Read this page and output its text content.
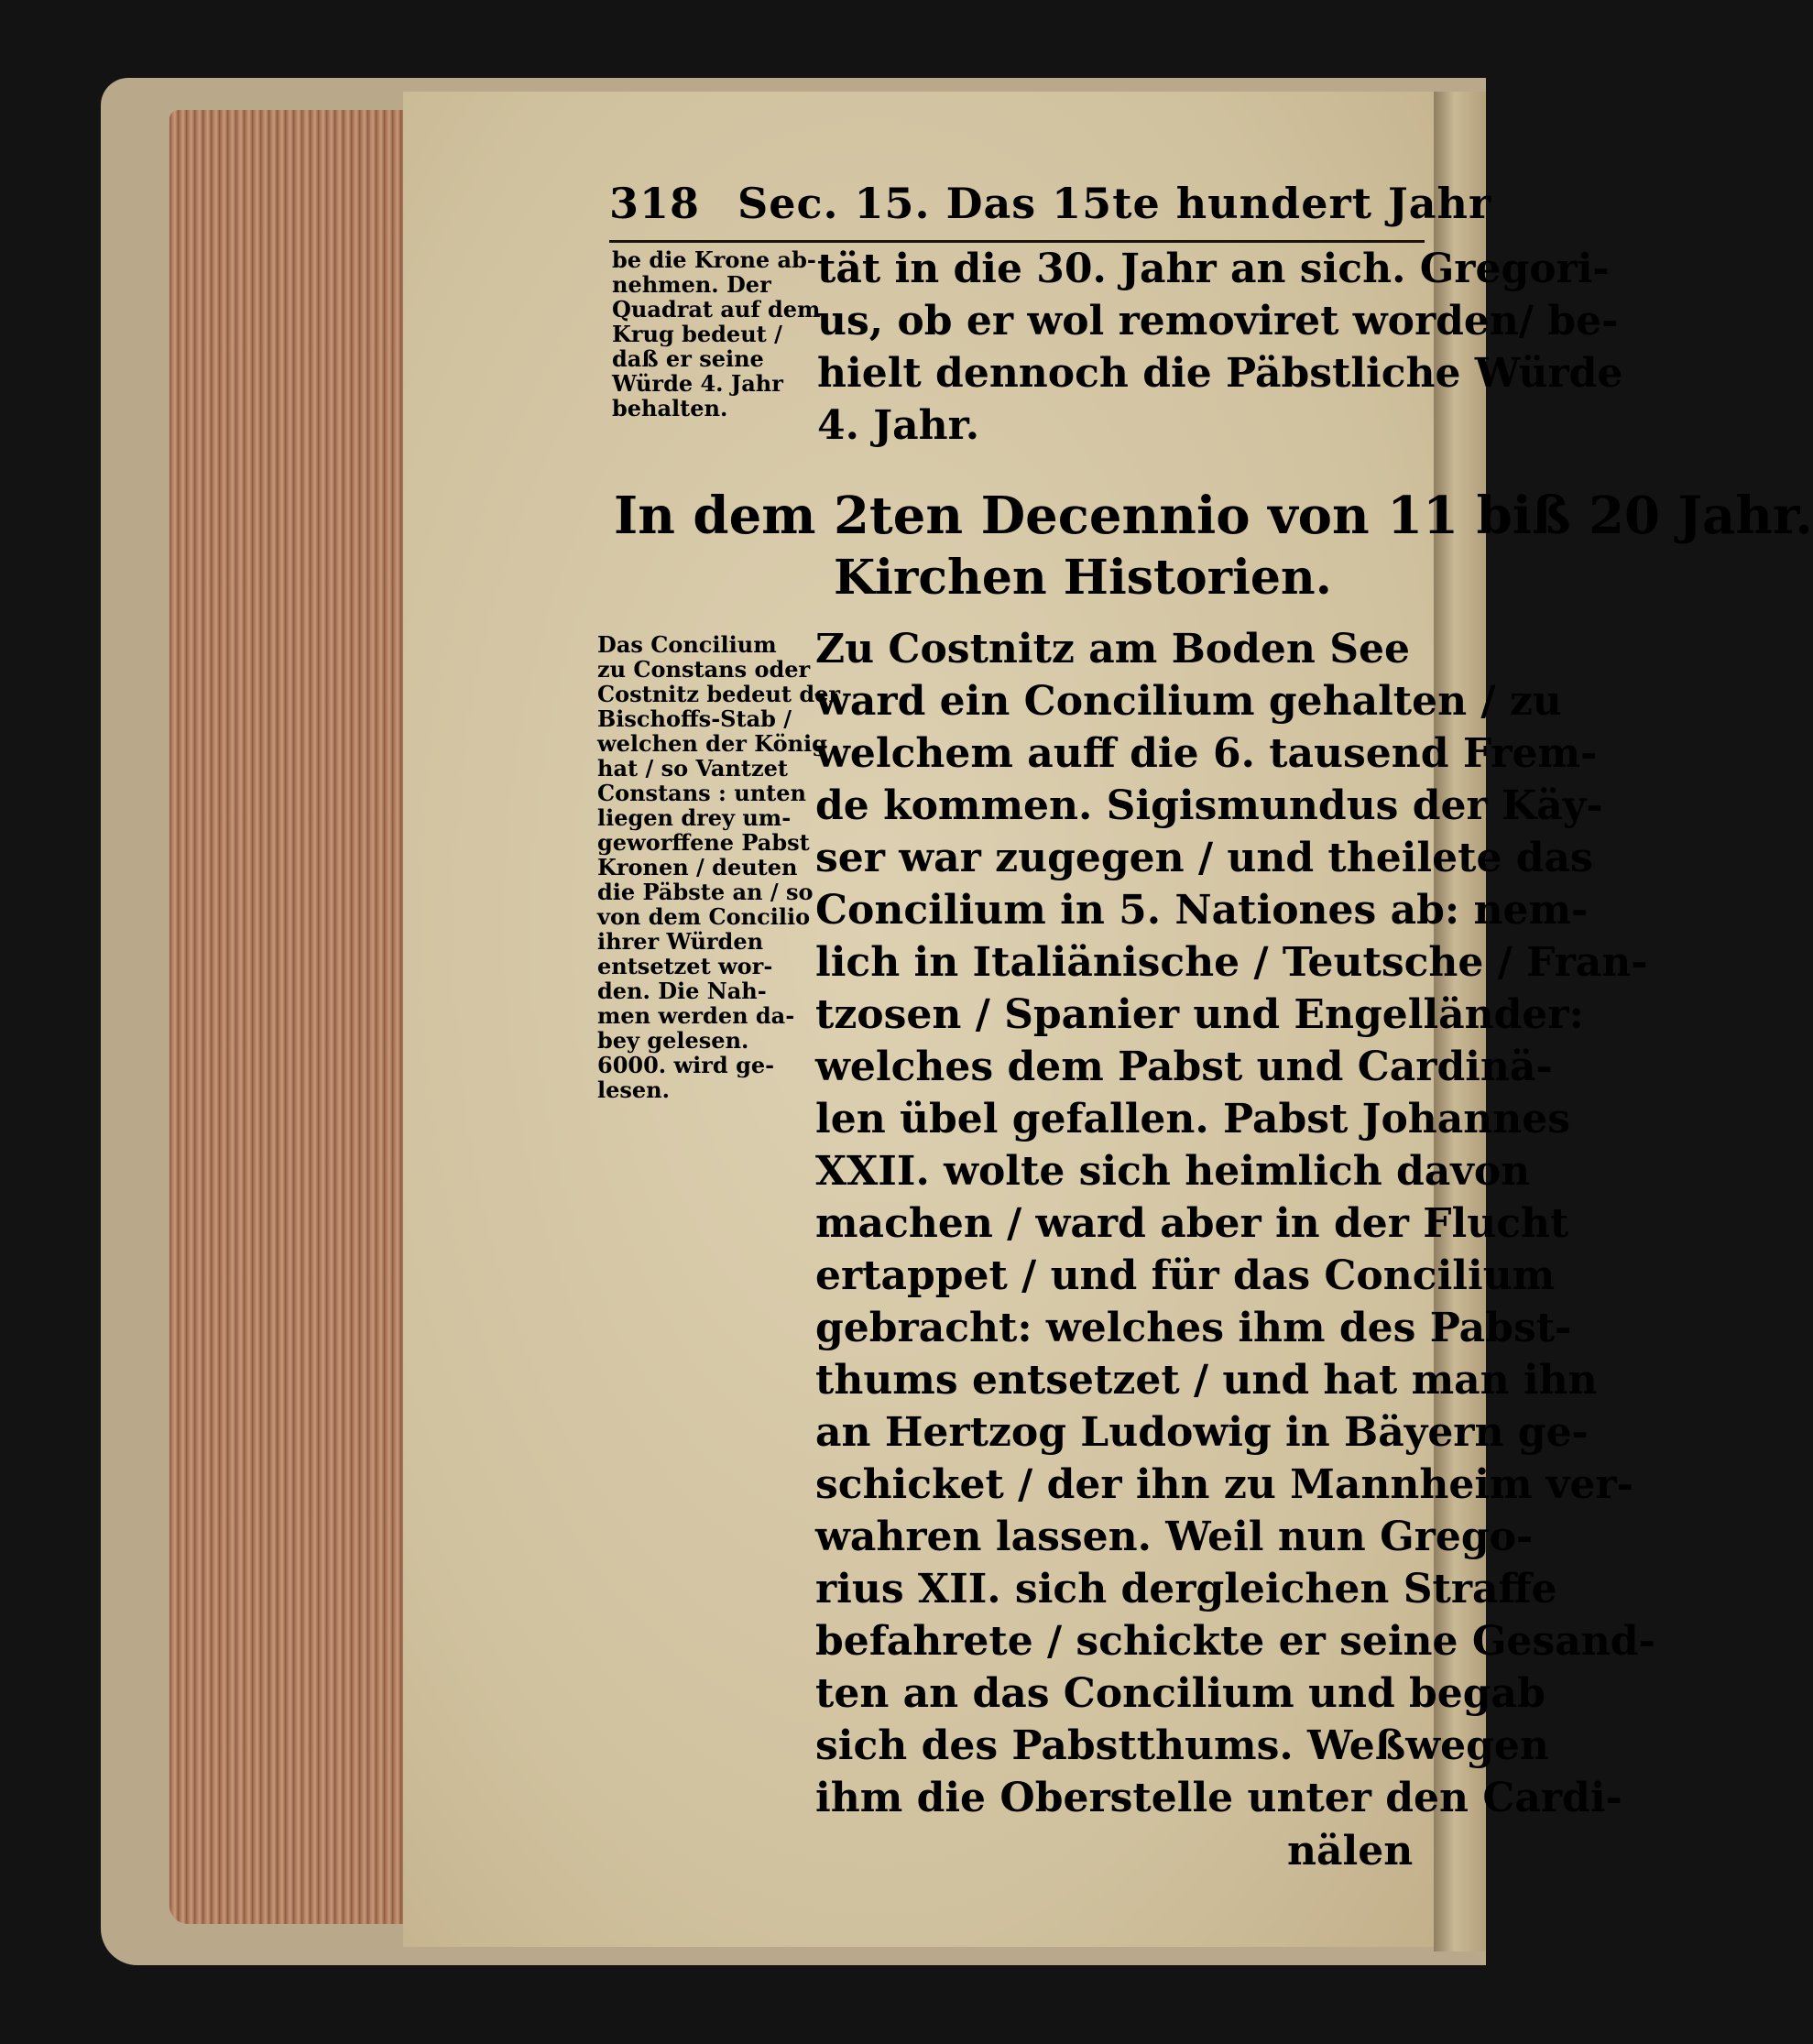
318 Sec. 15. Das 15te hundert Jahr
be die Krone ab-
nehmen. Der
Quadrat auf dem
Krug bedeut /
daß er seine
Würde 4. Jahr
behalten.
tät in die 30. Jahr an sich. Gregori-
us, ob er wol removiret worden/ be-
hielt dennoch die Päbstliche Würde
4. Jahr.
In dem 2ten Decennio von 11 biß 20 Jahr.
Kirchen Historien.
Das Concilium
zu Constans oder
Costnitz bedeut der
Bischoffs-Stab /
welchen der König
hat / so Vantzet
Constans : unten
liegen drey um-
geworffene Pabst
Kronen / deuten
die Päbste an / so
von dem Concilio
ihrer Würden
entsetzet wor-
den. Die Nah-
men werden da-
bey gelesen.
6000. wird ge-
lesen.
Zu Costnitz am Boden See
ward ein Concilium gehalten / zu
welchem auff die 6. tausend Frem-
de kommen. Sigismundus der Käy-
ser war zugegen / und theilete das
Concilium in 5. Nationes ab: nem-
lich in Italiänische / Teutsche / Fran-
tzosen / Spanier und Engelländer:
welches dem Pabst und Cardinä-
len übel gefallen. Pabst Johannes
XXII. wolte sich heimlich davon
machen / ward aber in der Flucht
ertappet / und für das Concilium
gebracht: welches ihm des Pabst-
thums entsetzet / und hat man ihn
an Hertzog Ludowig in Bäyern ge-
schicket / der ihn zu Mannheim ver-
wahren lassen. Weil nun Grego-
rius XII. sich dergleichen Straffe
befahrete / schickte er seine Gesand-
ten an das Concilium und begab
sich des Pabstthums. Weßwegen
ihm die Oberstelle unter den Cardi-
nälen
